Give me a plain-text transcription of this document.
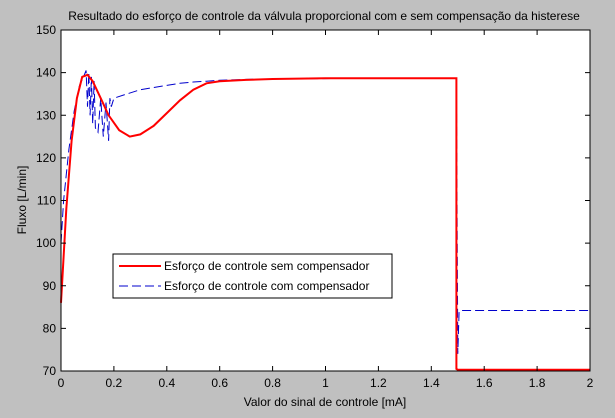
Resultado do esforço de controle da válvula proporcional com e sem compensação da histerese
0	0.2	0.4	0.6	0.8	1	1.2	1.4	1.6	1.8	2
70
80
90
100
110
120
130
140
150
Valor do sinal de controle [mA]
Fluxo [L/min]
Esforço de controle sem compensador
Esforço de controle com compensador
